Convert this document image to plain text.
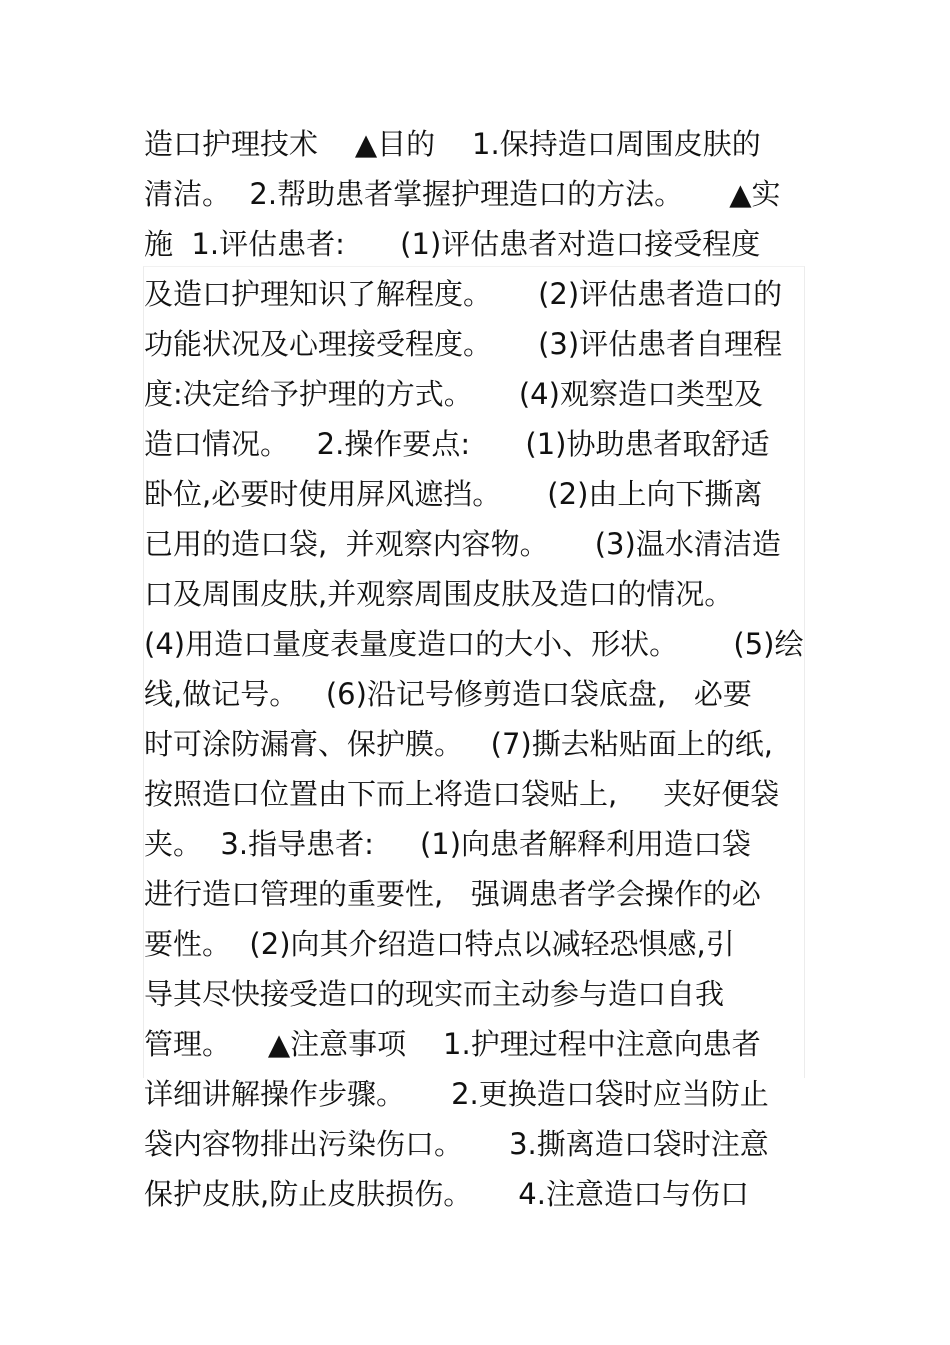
造口护理技术    ▲目的    1.保持造口周围皮肤的
清洁。  2.帮助患者掌握护理造口的方法。     ▲实
施  1.评估患者:      (1)评估患者对造口接受程度
及造口护理知识了解程度。     (2)评估患者造口的
功能状况及心理接受程度。     (3)评估患者自理程
度:决定给予护理的方式。     (4)观察造口类型及
造口情况。   2.操作要点:      (1)协助患者取舒适
卧位,必要时使用屏风遮挡。     (2)由上向下撕离
已用的造口袋,  并观察内容物。     (3)温水清洁造
口及周围皮肤,并观察周围皮肤及造口的情况。
(4)用造口量度表量度造口的大小、形状。      (5)绘
线,做记号。   (6)沿记号修剪造口袋底盘,   必要
时可涂防漏膏、保护膜。   (7)撕去粘贴面上的纸,
按照造口位置由下而上将造口袋贴上,     夹好便袋
夹。  3.指导患者:     (1)向患者解释利用造口袋
进行造口管理的重要性,   强调患者学会操作的必
要性。  (2)向其介绍造口特点以减轻恐惧感,引
导其尽快接受造口的现实而主动参与造口自我
管理。    ▲注意事项    1.护理过程中注意向患者
详细讲解操作步骤。     2.更换造口袋时应当防止
袋内容物排出污染伤口。     3.撕离造口袋时注意
保护皮肤,防止皮肤损伤。     4.注意造口与伤口
